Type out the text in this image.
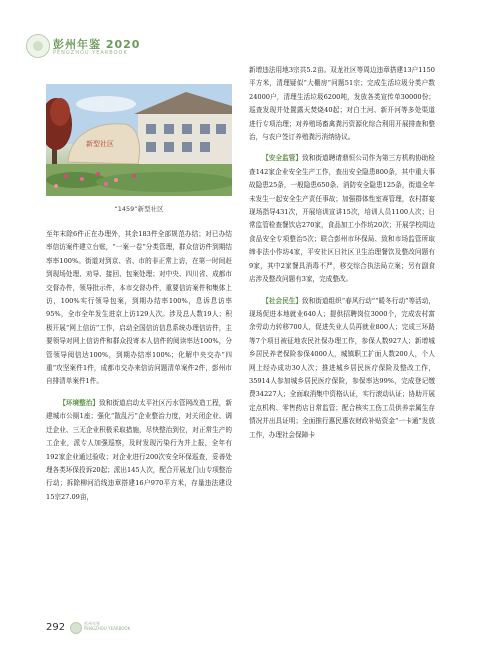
彭州年鉴 2020
PENGZHOU YEARBOOK
新型社区
“1459”新型社区

至年末除6件正在办理外，其余183件全部规范办结；对已办结率信访案件建立台账，“一案一卷”分类管理，群众信访件到期结率率100%。街道对到京、省、市的非正常上访，在第一时间赶到现场处理、劝导、接回、包案处理；对中央、四川省、成都市交督办件，领导批示件，本市交督办件，重要信访案件和集体上访，100%实行领导包案，到期办结率100%，息诉息访率95%，全市全年发生进京上访129人次。涉及总人数19人；积极开展“网上信访”工作，启动全国信访信息系统办理信访件，主要领导对网上信访件和群众投寄本人信件的阅读率达100%，分管领导阅信达100%，到期办结率100%；化解中央交办“四重”攻坚案件1件，成都市交办来信访问题清单案件2件，彭州市自排清单案件1件。

【环境整治】致和街道启动太平社区污水管网改造工程，新建城市公厕1座；强化“散乱污”企业整治力度，对关闭企业、调迁企业、三无企业积极采取措施，尽快整治到位，对正常生产的工企业，派专人加强巡察，及时发现污染行为并上报，全年有192家企业通过验收；对企业进行200次安全环保巡查，妥善处理各类环保投诉20起；派出145人次，配合开展龙门山专项整治行动；拆除柳河沿线违章搭建16户970平方米，存量违法建设15宗27.09亩，

新增违法用地3宗共5.2亩。双龙社区等周边违章搭建13户1150平方米，清理疑似“大棚房”问题51宗；完成生活垃圾分类户数24000户，清理生活垃圾6200吨，发放各类宣传单30000份；巡查发现并处置露天焚烧40起；对白土河、新开河等多处渠道进行专项治理；对养殖场畜禽粪污资源化综合利用开展排查和整治，与农户签订养殖粪污消纳协议。

【安全监管】致和街道聘请鼎恒公司作为第三方机构协助检查142家企业安全生产工作，查出安全隐患800条，其中重大事故隐患25条，一般隐患650条、消防安全隐患125条，街道全年未发生一起安全生产责任事故；加强群体性室赛管理，农村群宴现场指导431次，开展培训宣讲15次，培训人员1100人次；日常监管检查餐饮店270家，食品加工小作坊20次；开展学校周边食品安全专项整治5次；联合彭州市环保局、致和市场监管所取缔非法小作坊4家，平安社区日社区卫生治理餐饮及整改问题有9家，其中2家餐具消毒不严，移交综合执法局立案；另有副食店涉及整改问题有3家，完成整改。

【社会民生】致和街道组织“春风行动”“暖冬行动”等活动，现场促进本地就业640人；提供招聘岗位3000个，完成农村富余劳动力转移700人，促进失业人员再就业800人；完成三环路等7个项目被征地农民社保办理工作，参保人数927人；新增城乡居民养老保险参保4000人，城镇职工扩面人数200人，个人网上经办成功30人次；推进城乡居民医疗保险及整改工作，35914人参加城乡居民医疗保险，参保率达99%，完成登记缴费34227人；全面取消集中资格认证，实行滚动认证；协助开展定点机构、零售药店日常监管；配合核实工伤工员供养亲属生存情况并出具证明；全面推行惠民惠农财政补贴资金“一卡通”发放工作，办理社会保障卡

292	彭州年鉴
PENGZHOU YEARBOOK
